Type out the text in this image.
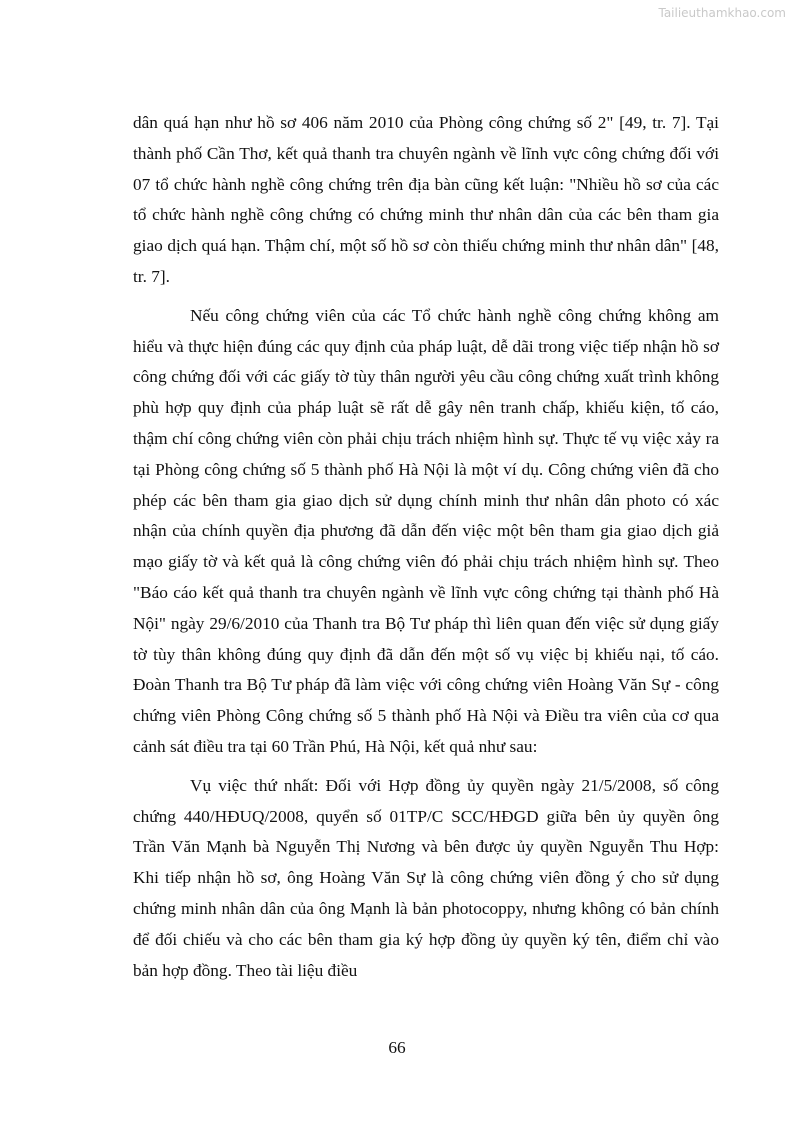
Tailieuthamkhao.com

dân quá hạn như hồ sơ 406 năm 2010 của Phòng công chứng số 2" [49, tr. 7]. Tại thành phố Cần Thơ, kết quả thanh tra chuyên ngành về lĩnh vực công chứng đối với 07 tổ chức hành nghề công chứng trên địa bàn cũng kết luận: "Nhiều hồ sơ của các tổ chức hành nghề công chứng có chứng minh thư nhân dân của các bên tham gia giao dịch quá hạn. Thậm chí, một số hồ sơ còn thiếu chứng minh thư nhân dân" [48, tr. 7].

Nếu công chứng viên của các Tổ chức hành nghề công chứng không am hiểu và thực hiện đúng các quy định của pháp luật, dễ dãi trong việc tiếp nhận hồ sơ công chứng đối với các giấy tờ tùy thân người yêu cầu công chứng xuất trình không phù hợp quy định của pháp luật sẽ rất dễ gây nên tranh chấp, khiếu kiện, tố cáo, thậm chí công chứng viên còn phải chịu trách nhiệm hình sự. Thực tế vụ việc xảy ra tại Phòng công chứng số 5 thành phố Hà Nội là một ví dụ. Công chứng viên đã cho phép các bên tham gia giao dịch sử dụng chính minh thư nhân dân photo có xác nhận của chính quyền địa phương đã dẫn đến việc một bên tham gia giao dịch giả mạo giấy tờ và kết quả là công chứng viên đó phải chịu trách nhiệm hình sự. Theo "Báo cáo kết quả thanh tra chuyên ngành về lĩnh vực công chứng tại thành phố Hà Nội" ngày 29/6/2010 của Thanh tra Bộ Tư pháp thì liên quan đến việc sử dụng giấy tờ tùy thân không đúng quy định đã dẫn đến một số vụ việc bị khiếu nại, tố cáo. Đoàn Thanh tra Bộ Tư pháp đã làm việc với công chứng viên Hoàng Văn Sự - công chứng viên Phòng Công chứng số 5 thành phố Hà Nội và Điều tra viên của cơ qua cảnh sát điều tra tại 60 Trần Phú, Hà Nội, kết quả như sau:

Vụ việc thứ nhất: Đối với Hợp đồng ủy quyền ngày 21/5/2008, số công chứng 440/HĐUQ/2008, quyển số 01TP/C SCC/HĐGD giữa bên ủy quyền ông Trần Văn Mạnh bà Nguyễn Thị Nương và bên được ủy quyền Nguyễn Thu Hợp: Khi tiếp nhận hồ sơ, ông Hoàng Văn Sự là công chứng viên đồng ý cho sử dụng chứng minh nhân dân của ông Mạnh là bản photocoppy, nhưng không có bản chính để đối chiếu và cho các bên tham gia ký hợp đồng ủy quyền ký tên, điểm chỉ vào bản hợp đồng. Theo tài liệu điều

66
